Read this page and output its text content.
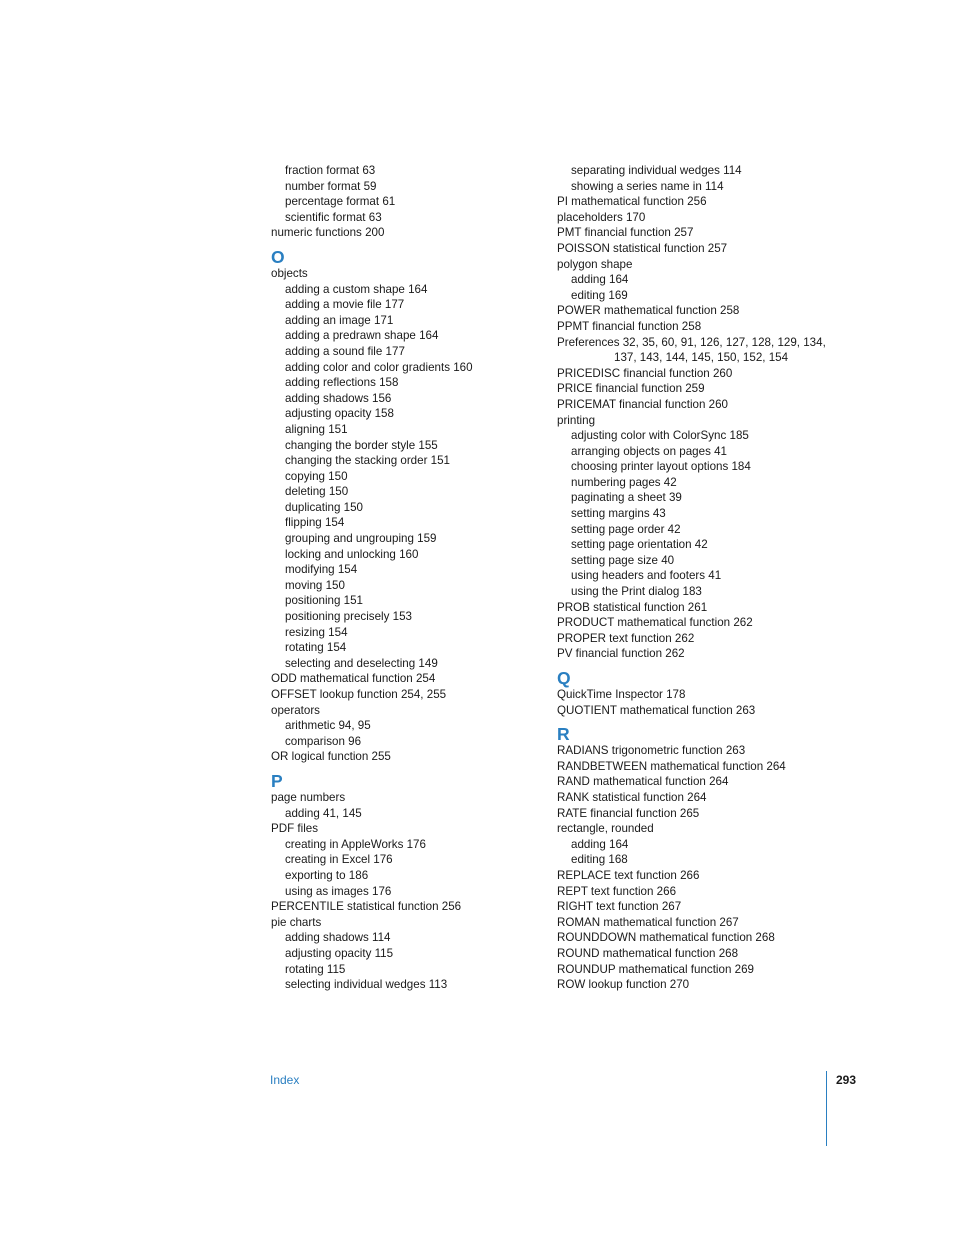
fraction format 63
number format 59
percentage format 61
scientific format 63
numeric functions 200
O
objects
adding a custom shape 164
adding a movie file 177
adding an image 171
adding a predrawn shape 164
adding a sound file 177
adding color and color gradients 160
adding reflections 158
adding shadows 156
adjusting opacity 158
aligning 151
changing the border style 155
changing the stacking order 151
copying 150
deleting 150
duplicating 150
flipping 154
grouping and ungrouping 159
locking and unlocking 160
modifying 154
moving 150
positioning 151
positioning precisely 153
resizing 154
rotating 154
selecting and deselecting 149
ODD mathematical function 254
OFFSET lookup function 254, 255
operators
arithmetic 94, 95
comparison 96
OR logical function 255
P
page numbers
adding 41, 145
PDF files
creating in AppleWorks 176
creating in Excel 176
exporting to 186
using as images 176
PERCENTILE statistical function 256
pie charts
adding shadows 114
adjusting opacity 115
rotating 115
selecting individual wedges 113
separating individual wedges 114
showing a series name in 114
PI mathematical function 256
placeholders 170
PMT financial function 257
POISSON statistical function 257
polygon shape
adding 164
editing 169
POWER mathematical function 258
PPMT financial function 258
Preferences 32, 35, 60, 91, 126, 127, 128, 129, 134,
137, 143, 144, 145, 150, 152, 154
PRICEDISC financial function 260
PRICE financial function 259
PRICEMAT financial function 260
printing
adjusting color with ColorSync 185
arranging objects on pages 41
choosing printer layout options 184
numbering pages 42
paginating a sheet 39
setting margins 43
setting page order 42
setting page orientation 42
setting page size 40
using headers and footers 41
using the Print dialog 183
PROB statistical function 261
PRODUCT mathematical function 262
PROPER text function 262
PV financial function 262
Q
QuickTime Inspector 178
QUOTIENT mathematical function 263
R
RADIANS trigonometric function 263
RANDBETWEEN mathematical function 264
RAND mathematical function 264
RANK statistical function 264
RATE financial function 265
rectangle, rounded
adding 164
editing 168
REPLACE text function 266
REPT text function 266
RIGHT text function 267
ROMAN mathematical function 267
ROUNDDOWN mathematical function 268
ROUND mathematical function 268
ROUNDUP mathematical function 269
ROW lookup function 270
Index	293
